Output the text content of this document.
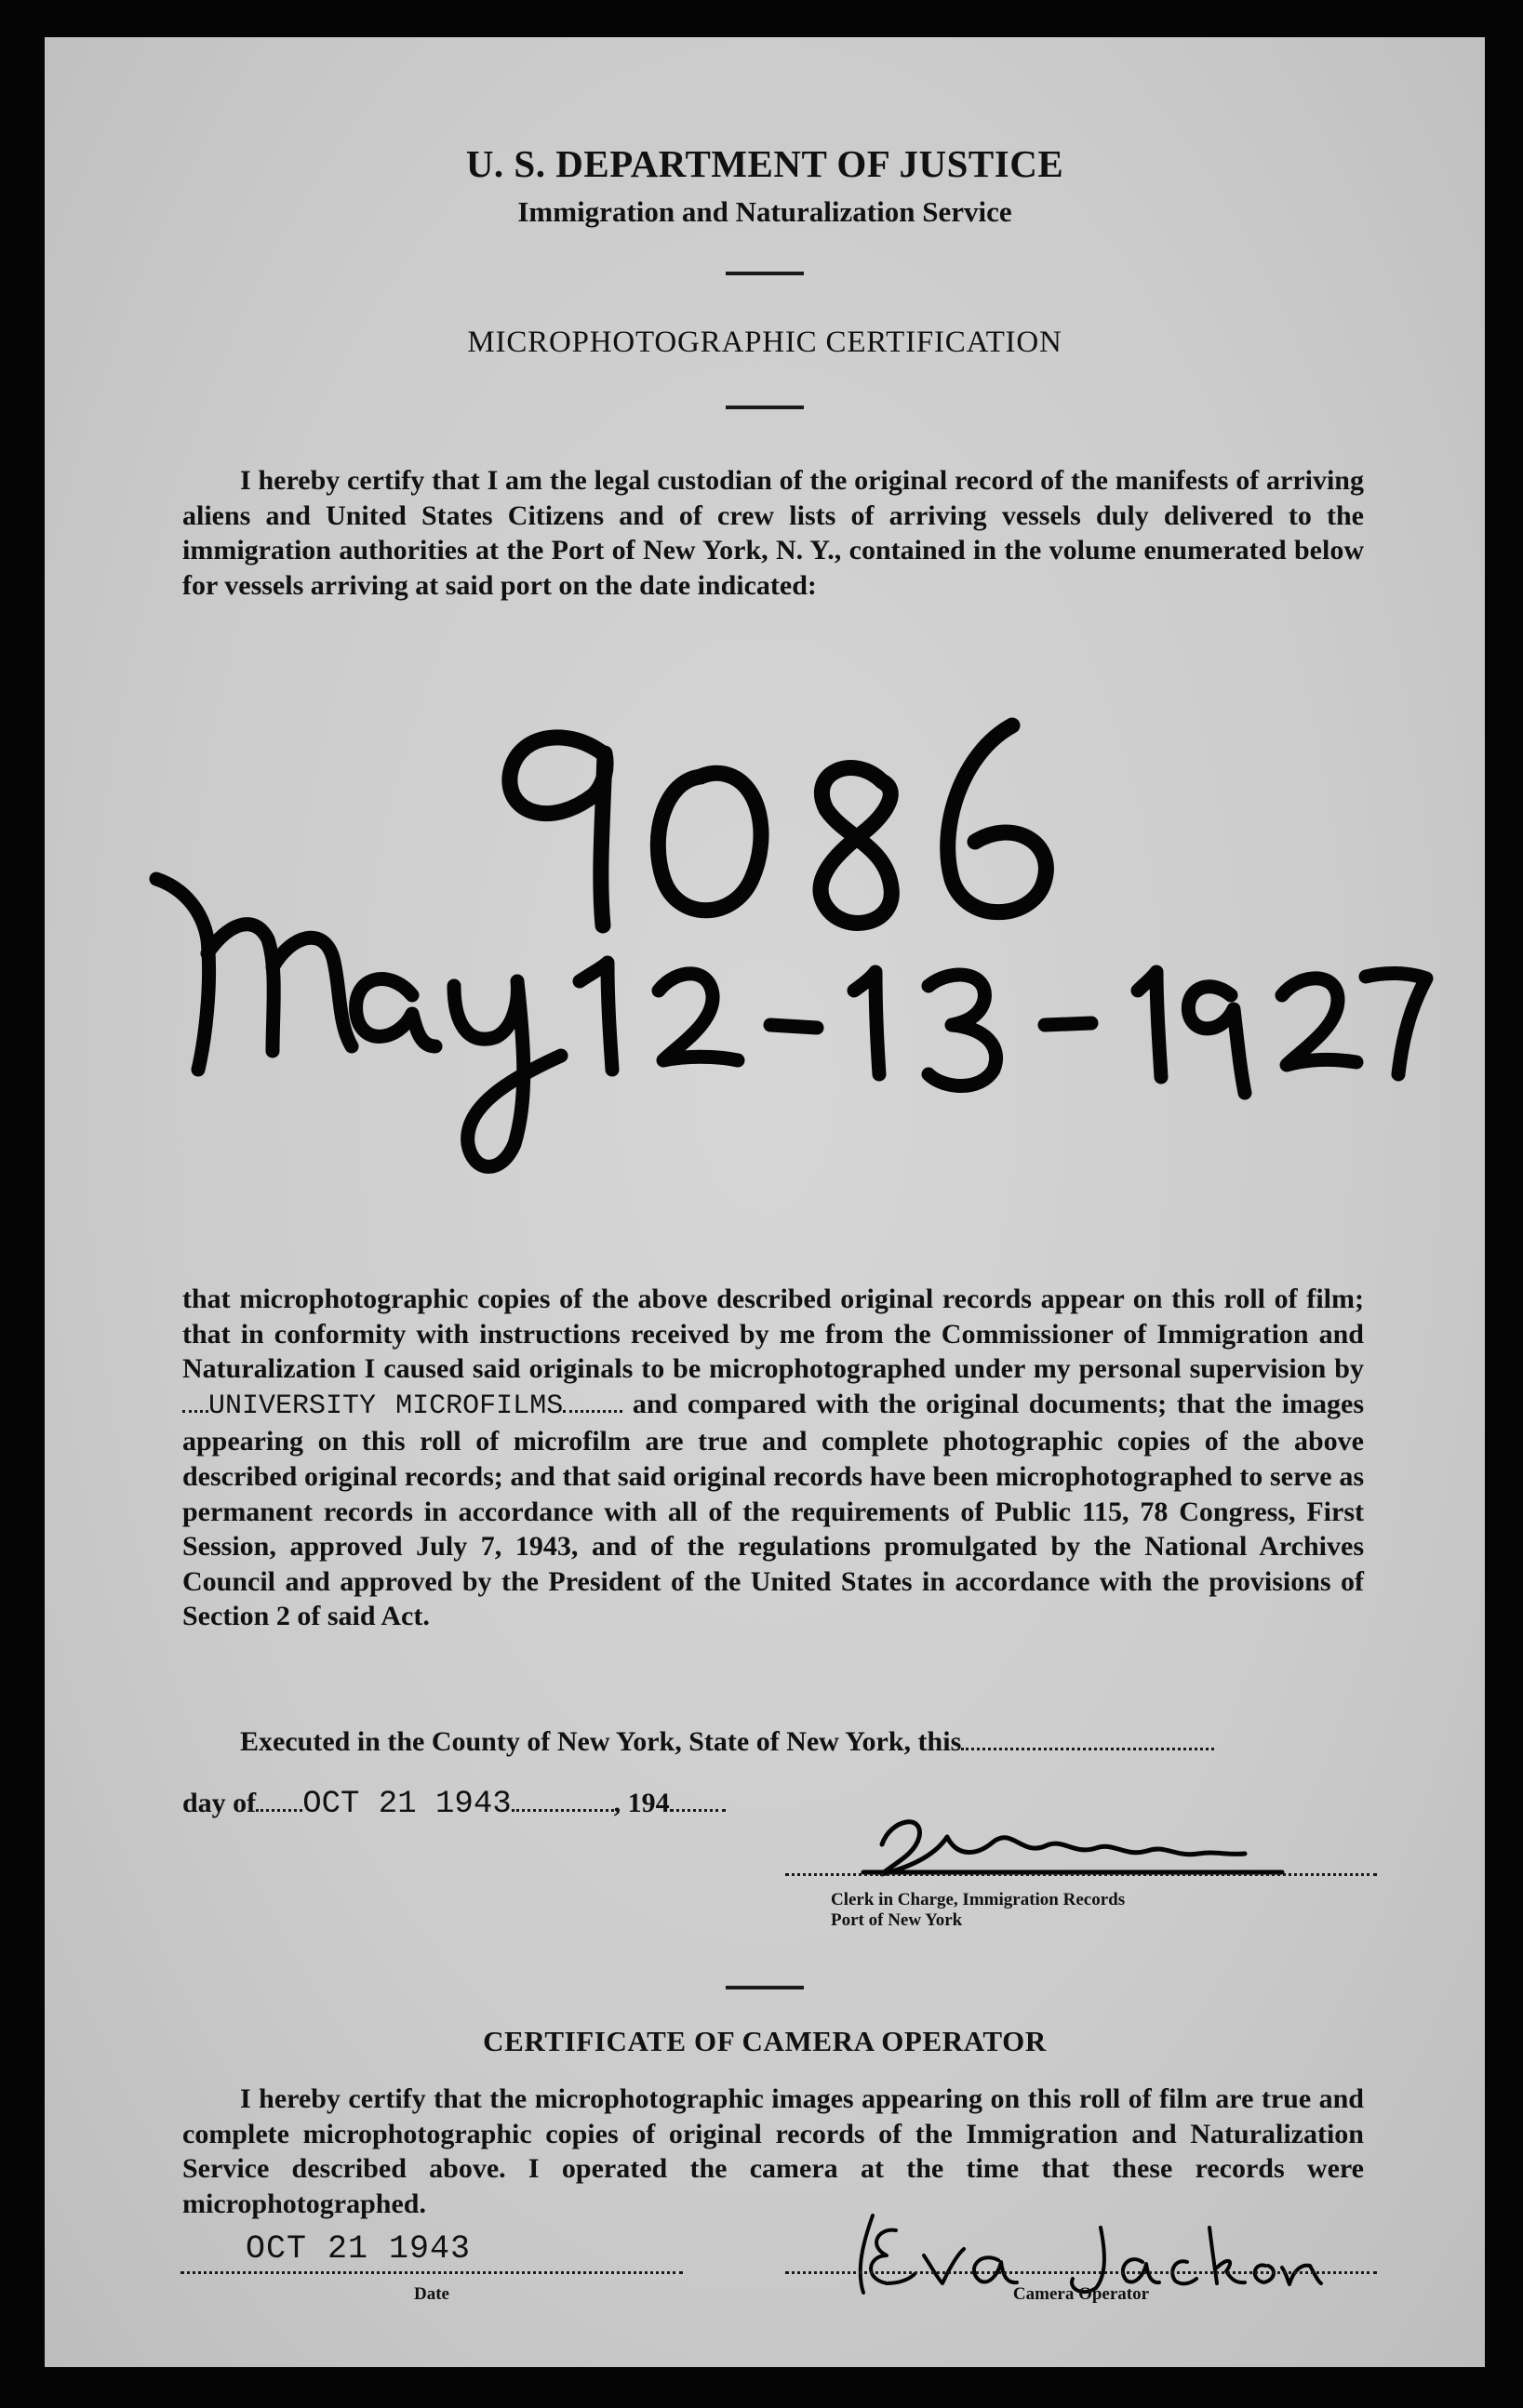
U. S. DEPARTMENT OF JUSTICE
Immigration and Naturalization Service
MICROPHOTOGRAPHIC CERTIFICATION
I hereby certify that I am the legal custodian of the original record of the manifests of arriving aliens and United States Citizens and of crew lists of arriving vessels duly delivered to the immigration authorities at the Port of New York, N. Y., contained in the volume enumerated below for vessels arriving at said port on the date indicated:
that microphotographic copies of the above described original records appear on this roll of film; that in conformity with instructions received by me from the Commissioner of Immigration and Naturalization I caused said originals to be microphotographed under my personal supervision byUNIVERSITY MICROFILMS and compared with the original documents; that the images appearing on this roll of microfilm are true and complete photographic copies of the above described original records; and that said original records have been microphotographed to serve as permanent records in accordance with all of the requirements of Public 115, 78 Congress, First Session, approved July 7, 1943, and of the regulations promulgated by the National Archives Council and approved by the President of the United States in accordance with the provisions of Section 2 of said Act.
Executed in the County of New York, State of New York, this
day of OCT 21 1943	, 194
Clerk in Charge, Immigration Records
Port of New York
CERTIFICATE OF CAMERA OPERATOR
I hereby certify that the microphotographic images appearing on this roll of film are true and complete microphotographic copies of original records of the Immigration and Naturalization Service described above. I operated the camera at the time that these records were microphotographed.
OCT 21 1943
Date	Camera Operator
